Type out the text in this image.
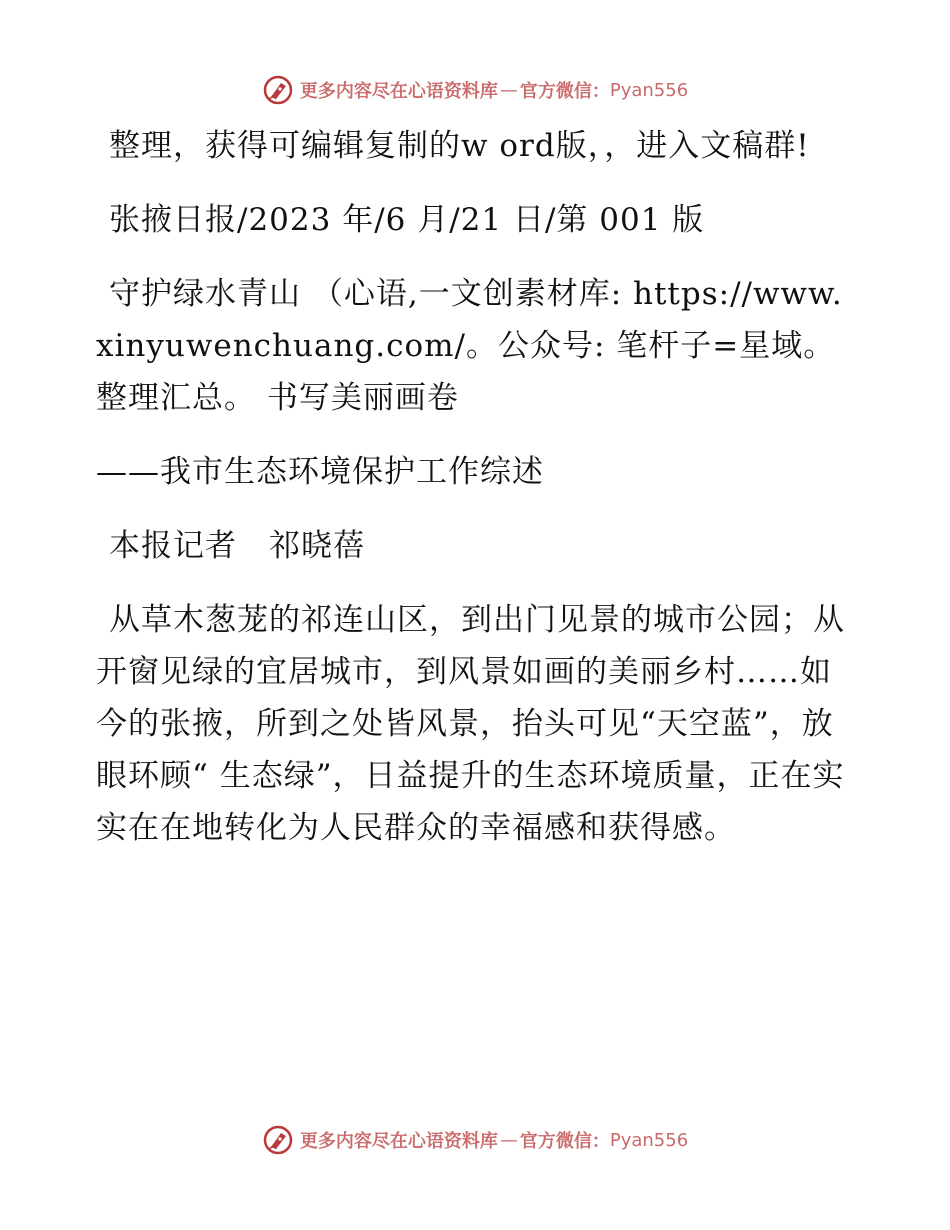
更多内容尽在心语资料库 — 官方微信： Pyan556

整理，获得可编辑复制的w ord版，，进入文稿群!

张掖日报/2023 年/6 月/21 日/第 001 版

守护绿水青山 （心语,一文创素材库: https://www.xinyuwenchuang.com/。公众号: 笔杆子=星域。整理汇总。 书写美丽画卷

——我市生态环境保护工作综述

本报记者　祁晓蓓

从草木葱茏的祁连山区，到出门见景的城市公园；从开窗见绿的宜居城市，到风景如画的美丽乡村……如今的张掖，所到之处皆风景，抬头可见“天空蓝”，放眼环顾“ 生态绿”，日益提升的生态环境质量，正在实实在在地转化为人民群众的幸福感和获得感。

更多内容尽在心语资料库 — 官方微信： Pyan556
